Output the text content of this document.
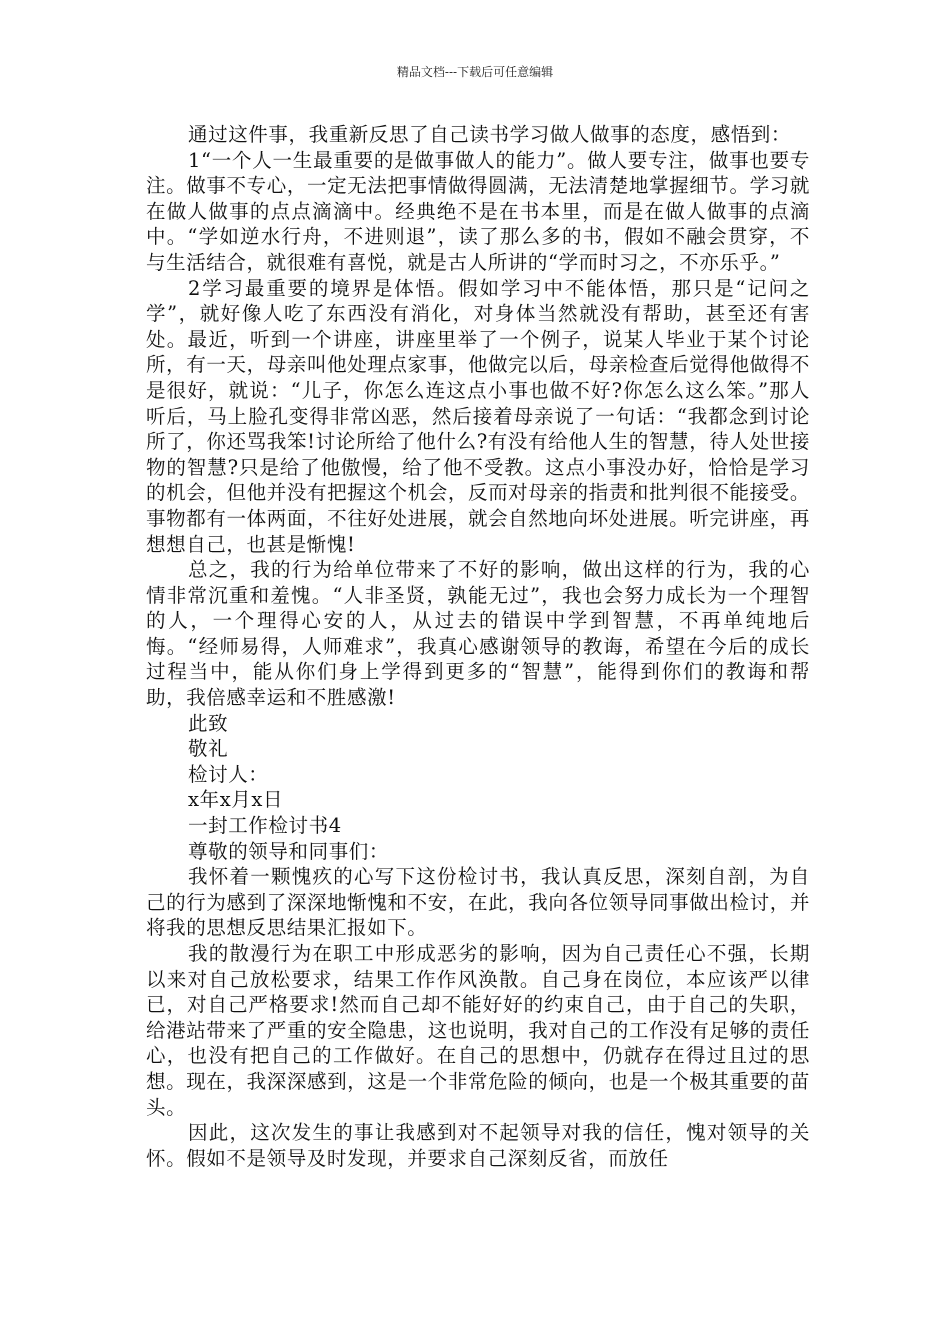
精品文档---下载后可任意编辑

通过这件事，我重新反思了自己读书学习做人做事的态度，感悟到：

1“一个人一生最重要的是做事做人的能力”。做人要专注，做事也要专注。做事不专心，一定无法把事情做得圆满，无法清楚地掌握细节。学习就在做人做事的点点滴滴中。经典绝不是在书本里，而是在做人做事的点滴中。“学如逆水行舟，不进则退”，读了那么多的书，假如不融会贯穿，不与生活结合，就很难有喜悦，就是古人所讲的“学而时习之，不亦乐乎。”

2学习最重要的境界是体悟。假如学习中不能体悟，那只是“记问之学”，就好像人吃了东西没有消化，对身体当然就没有帮助，甚至还有害处。最近，听到一个讲座，讲座里举了一个例子，说某人毕业于某个讨论所，有一天，母亲叫他处理点家事，他做完以后，母亲检查后觉得他做得不是很好，就说：“儿子，你怎么连这点小事也做不好?你怎么这么笨。”那人听后，马上脸孔变得非常凶恶，然后接着母亲说了一句话：“我都念到讨论所了，你还骂我笨!讨论所给了他什么?有没有给他人生的智慧，待人处世接物的智慧?只是给了他傲慢，给了他不受教。这点小事没办好，恰恰是学习的机会，但他并没有把握这个机会，反而对母亲的指责和批判很不能接受。事物都有一体两面，不往好处进展，就会自然地向坏处进展。听完讲座，再想想自己，也甚是惭愧!

总之，我的行为给单位带来了不好的影响，做出这样的行为，我的心情非常沉重和羞愧。“人非圣贤，孰能无过”，我也会努力成长为一个理智的人，一个理得心安的人，从过去的错误中学到智慧，不再单纯地后悔。“经师易得，人师难求”，我真心感谢领导的教诲，希望在今后的成长过程当中，能从你们身上学得到更多的“智慧”，能得到你们的教诲和帮助，我倍感幸运和不胜感激!

此致

敬礼

检讨人：

x年x月x日

一封工作检讨书4

尊敬的领导和同事们：

我怀着一颗愧疚的心写下这份检讨书，我认真反思，深刻自剖，为自己的行为感到了深深地惭愧和不安，在此，我向各位领导同事做出检讨，并将我的思想反思结果汇报如下。

我的散漫行为在职工中形成恶劣的影响，因为自己责任心不强，长期以来对自己放松要求，结果工作作风涣散。自己身在岗位，本应该严以律已，对自己严格要求!然而自己却不能好好的约束自己，由于自己的失职，给港站带来了严重的安全隐患，这也说明，我对自己的工作没有足够的责任心，也没有把自己的工作做好。在自己的思想中，仍就存在得过且过的思想。现在，我深深感到，这是一个非常危险的倾向，也是一个极其重要的苗头。

因此，这次发生的事让我感到对不起领导对我的信任，愧对领导的关怀。假如不是领导及时发现，并要求自己深刻反省，而放任
